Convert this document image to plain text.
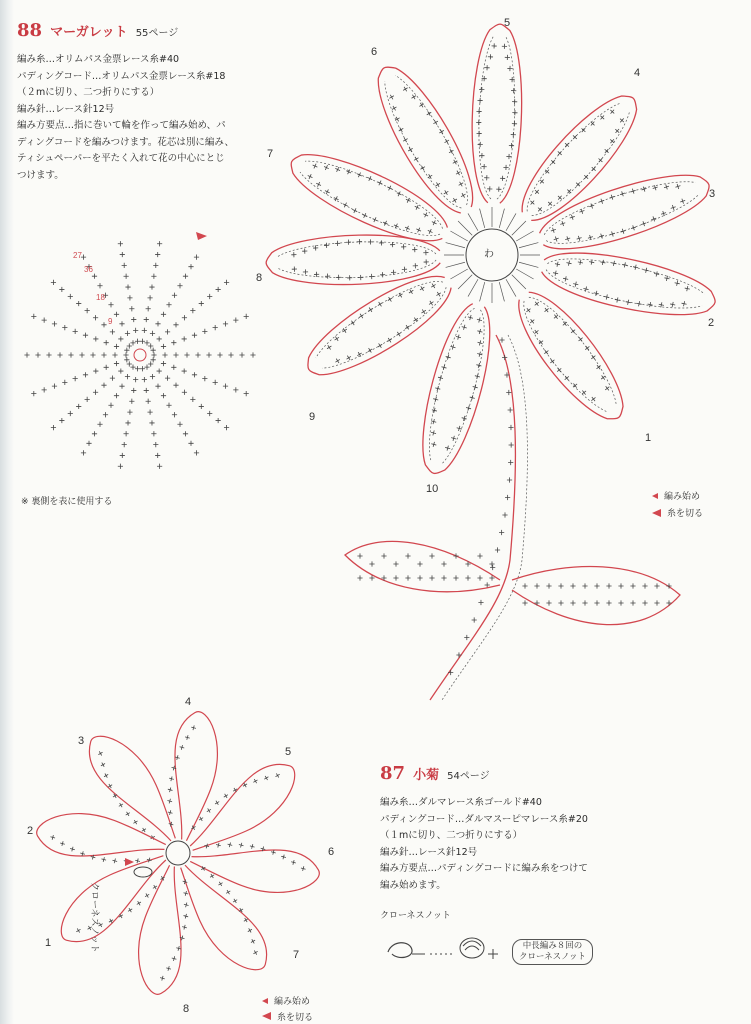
88 マーガレット 55ページ
編み糸…オリムパス金票レース糸#40
パディングコード…オリムパス金票レース糸#18
（２mに切り、二つ折りにする）
編み針…レース針12号
編み方要点…指に巻いて輪を作って編み始め、パ
ディングコードを編みつけます。花芯は別に編み、
ティシュペーパーを平たく入れて花の中心にとじ
つけます。
27
36
18
9
※ 裏側を表に使用する
わ
1
2
3
4
5
6
7
8
9
10
編み始め
糸を切る
1
2
3
4
5
6
7
8
クローネスノット
編み始め
糸を切る
87 小菊 54ページ
編み糸…ダルマレース糸ゴールド#40
パディングコード…ダルマスーピマレース糸#20
（１mに切り、二つ折りにする）
編み針…レース針12号
編み方要点…パディングコードに編み糸をつけて
編み始めます。
クローネスノット
中長編み８回の
クローネスノット
